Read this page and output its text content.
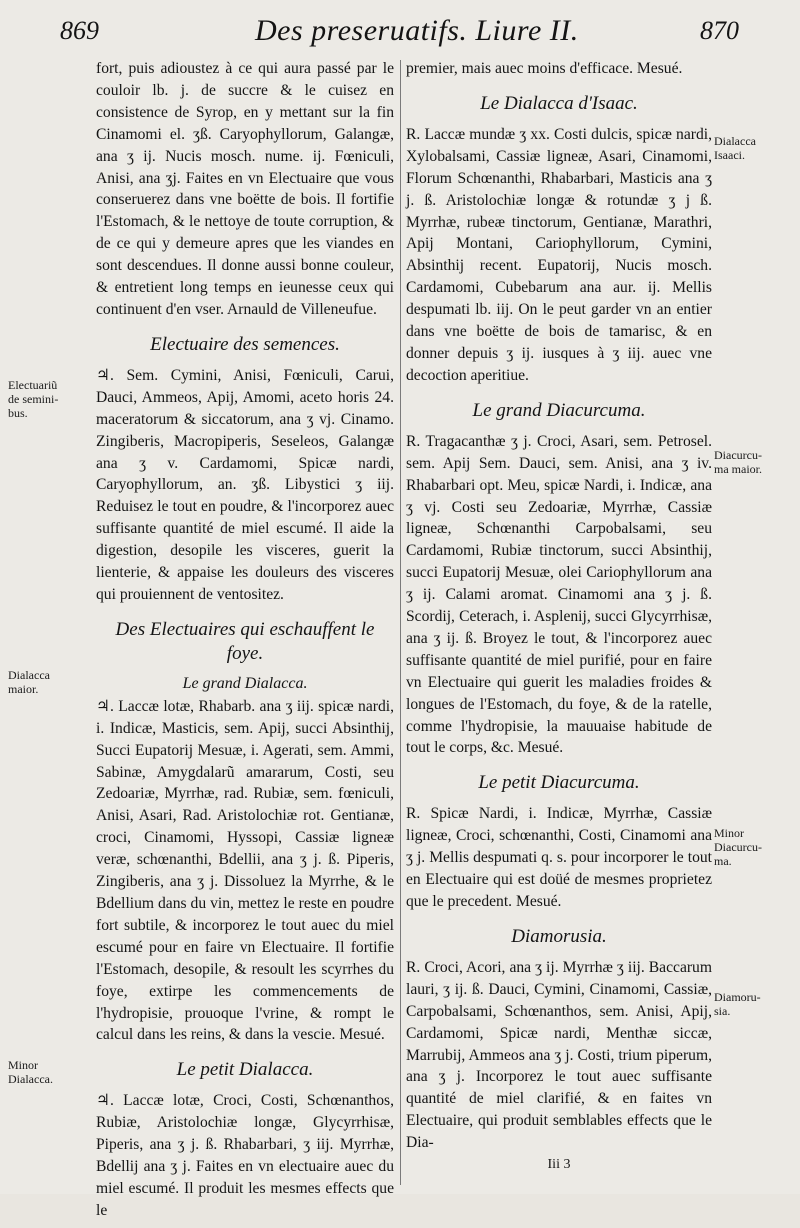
869	Des preseruatifs. Liure II.	870

fort, puis adioustez à ce qui aura passé par le couloir lb. j. de succre & le cuisez en consistence de Syrop, en y mettant sur la fin Cinamomi el. ʒß. Caryophyllorum, Galangæ, ana ʒ ij. Nucis mosch. nume. ij. Fœniculi, Anisi, ana ʒj. Faites en vn Electuaire que vous conseruerez dans vne boëtte de bois. Il fortifie l'Estomach, & le nettoye de toute corruption, & de ce qui y demeure apres que les viandes en sont descendues. Il donne aussi bonne couleur, & entretient long temps en ieunesse ceux qui continuent d'en vser. Arnauld de Villeneufue.

Electuaire des semences.

♃. Sem. Cymini, Anisi, Fœniculi, Carui, Dauci, Ammeos, Apij, Amomi, aceto horis 24. maceratorum & siccatorum, ana ʒ vj. Cinamo. Zingiberis, Macropiperis, Seseleos, Galangæ ana ʒ v. Cardamomi, Spicæ nardi, Caryophyllorum, an. ʒß. Libystici ʒ iij. Reduisez le tout en poudre, & l'incorporez auec suffisante quantité de miel escumé. Il aide la digestion, desopile les visceres, guerit la lienterie, & appaise les douleurs des visceres qui prouiennent de ventositez.

Des Electuaires qui eschauffent le foye.
Le grand Dialacca.

♃. Laccæ lotæ, Rhabarb. ana ʒ iij. spicæ nardi, i. Indicæ, Masticis, sem. Apij, succi Absinthij, Succi Eupatorij Mesuæ, i. Agerati, sem. Ammi, Sabinæ, Amygdalarũ amararum, Costi, seu Zedoariæ, Myrrhæ, rad. Rubiæ, sem. fœniculi, Anisi, Asari, Rad. Aristolochiæ rot. Gentianæ, croci, Cinamomi, Hyssopi, Cassiæ ligneæ veræ, schœnanthi, Bdellii, ana ʒ j. ß. Piperis, Zingiberis, ana ʒ j. Dissoluez la Myrrhe, & le Bdellium dans du vin, mettez le reste en poudre fort subtile, & incorporez le tout auec du miel escumé pour en faire vn Electuaire. Il fortifie l'Estomach, desopile, & resoult les scyrrhes du foye, extirpe les commencements de l'hydropisie, prouoque l'vrine, & rompt le calcul dans les reins, & dans la vescie. Mesué.

Le petit Dialacca.

♃. Laccæ lotæ, Croci, Costi, Schœnanthos, Rubiæ, Aristolochiæ longæ, Glycyrrhisæ, Piperis, ana ʒ j. ß. Rhabarbari, ʒ iij. Myrrhæ, Bdellij ana ʒ j. Faites en vn electuaire auec du miel escumé. Il produit les mesmes effects que le

premier, mais auec moins d'efficace. Mesué.

Le Dialacca d'Isaac.

R. Laccæ mundæ ʒ xx. Costi dulcis, spicæ nardi, Xylobalsami, Cassiæ ligneæ, Asari, Cinamomi, Florum Schœnanthi, Rhabarbari, Masticis ana ʒ j. ß. Aristolochiæ longæ & rotundæ ʒ j ß. Myrrhæ, rubeæ tinctorum, Gentianæ, Marathri, Apij Montani, Cariophyllorum, Cymini, Absinthij recent. Eupatorij, Nucis mosch. Cardamomi, Cubebarum ana aur. ij. Mellis despumati lb. iij. On le peut garder vn an entier dans vne boëtte de bois de tamarisc, & en donner depuis ʒ ij. iusques à ʒ iij. auec vne decoction aperitiue.

Le grand Diacurcuma.

R. Tragacanthæ ʒ j. Croci, Asari, sem. Petrosel. sem. Apij Sem. Dauci, sem. Anisi, ana ʒ iv. Rhabarbari opt. Meu, spicæ Nardi, i. Indicæ, ana ʒ vj. Costi seu Zedoariæ, Myrrhæ, Cassiæ ligneæ, Schœnanthi Carpobalsami, seu Cardamomi, Rubiæ tinctorum, succi Absinthij, succi Eupatorij Mesuæ, olei Cariophyllorum ana ʒ ij. Calami aromat. Cinamomi ana ʒ j. ß. Scordij, Ceterach, i. Asplenij, succi Glycyrrhisæ, ana ʒ ij. ß. Broyez le tout, & l'incorporez auec suffisante quantité de miel purifié, pour en faire vn Electuaire qui guerit les maladies froides & longues de l'Estomach, du foye, & de la ratelle, comme l'hydropisie, la mauuaise habitude de tout le corps, &c. Mesué.

Le petit Diacurcuma.

R. Spicæ Nardi, i. Indicæ, Myrrhæ, Cassiæ ligneæ, Croci, schœnanthi, Costi, Cinamomi ana ʒ j. Mellis despumati q. s. pour incorporer le tout en Electuaire qui est doüé de mesmes proprietez que le precedent. Mesué.

Diamorusia.

R. Croci, Acori, ana ʒ ij. Myrrhæ ʒ iij. Baccarum lauri, ʒ ij. ß. Dauci, Cymini, Cinamomi, Cassiæ, Carpobalsami, Schœnanthos, sem. Anisi, Apij, Cardamomi, Spicæ nardi, Menthæ siccæ, Marrubij, Ammeos ana ʒ j. Costi, trium piperum, ana ʒ j. Incorporez le tout auec suffisante quantité de miel clarifié, & en faites vn Electuaire, qui produit semblables effects que le Dia-

Iii 3

Electuariũ
de semini-
bus.
Dialacca
maior.
Minor
Dialacca.
Dialacca
Isaaci.
Diacurcu-
ma maior.
Minor
Diacurcu-
ma.
Diamoru-
sia.
